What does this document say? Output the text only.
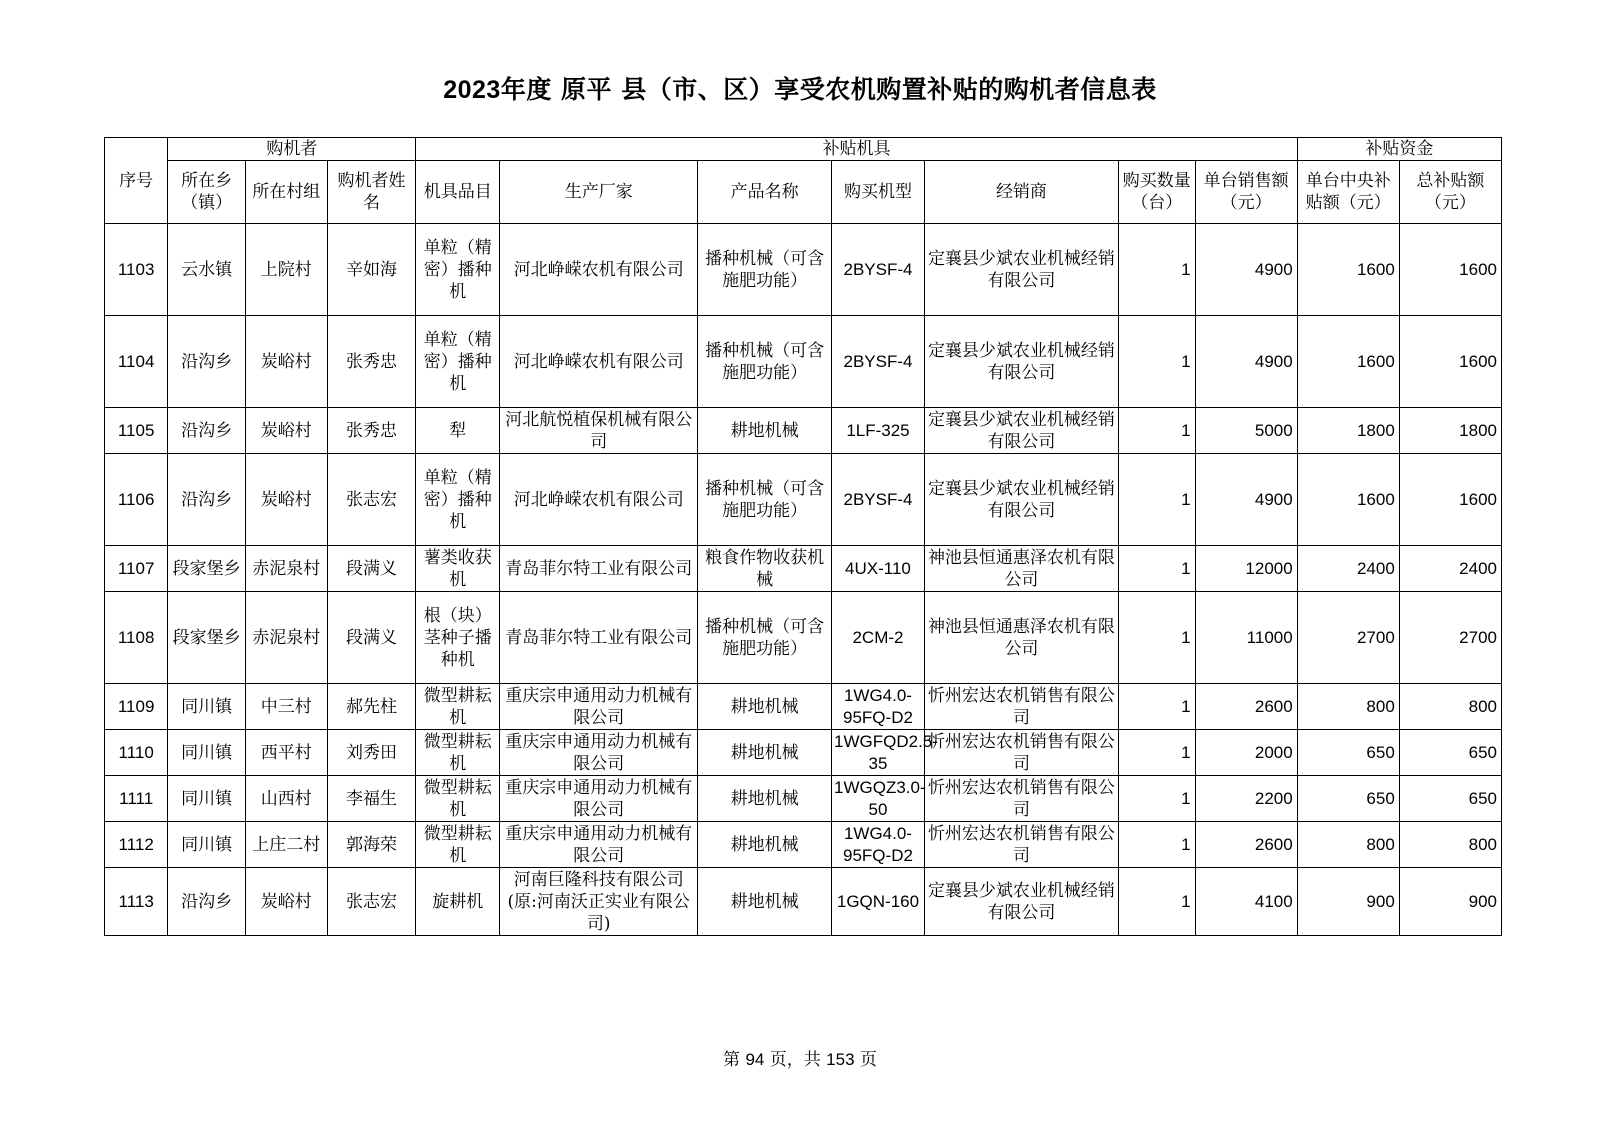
2023年度 原平 县（市、区）享受农机购置补贴的购机者信息表
序号	购机者			补贴机具							补贴资金	
	所在乡（镇）	所在村组	购机者姓名	机具品目	生产厂家	产品名称	购买机型	经销商	购买数量（台）	单台销售额（元）	单台中央补贴额（元）	总补贴额（元）
1103	云水镇	上院村	辛如海	单粒（精密）播种机	河北峥嵘农机有限公司	播种机械（可含施肥功能）	2BYSF-4	定襄县少斌农业机械经销有限公司	1	4900	1600	1600
1104	沿沟乡	炭峪村	张秀忠	单粒（精密）播种机	河北峥嵘农机有限公司	播种机械（可含施肥功能）	2BYSF-4	定襄县少斌农业机械经销有限公司	1	4900	1600	1600
1105	沿沟乡	炭峪村	张秀忠	犁	河北航悦植保机械有限公司	耕地机械	1LF-325	定襄县少斌农业机械经销有限公司	1	5000	1800	1800
1106	沿沟乡	炭峪村	张志宏	单粒（精密）播种机	河北峥嵘农机有限公司	播种机械（可含施肥功能）	2BYSF-4	定襄县少斌农业机械经销有限公司	1	4900	1600	1600
1107	段家堡乡	赤泥泉村	段满义	薯类收获机	青岛菲尔特工业有限公司	粮食作物收获机械	4UX-110	神池县恒通惠泽农机有限公司	1	12000	2400	2400
1108	段家堡乡	赤泥泉村	段满义	根（块）茎种子播种机	青岛菲尔特工业有限公司	播种机械（可含施肥功能）	2CM-2	神池县恒通惠泽农机有限公司	1	11000	2700	2700
1109	同川镇	中三村	郝先柱	微型耕耘机	重庆宗申通用动力机械有限公司	耕地机械	1WG4.0-95FQ-D2	忻州宏达农机销售有限公司	1	2600	800	800
1110	同川镇	西平村	刘秀田	微型耕耘机	重庆宗申通用动力机械有限公司	耕地机械	1WGFQD2.5-35	忻州宏达农机销售有限公司	1	2000	650	650
1111	同川镇	山西村	李福生	微型耕耘机	重庆宗申通用动力机械有限公司	耕地机械	1WGQZ3.0-50	忻州宏达农机销售有限公司	1	2200	650	650
1112	同川镇	上庄二村	郭海荣	微型耕耘机	重庆宗申通用动力机械有限公司	耕地机械	1WG4.0-95FQ-D2	忻州宏达农机销售有限公司	1	2600	800	800
1113	沿沟乡	炭峪村	张志宏	旋耕机	河南巨隆科技有限公司(原:河南沃正实业有限公司)	耕地机械	1GQN-160	定襄县少斌农业机械经销有限公司	1	4100	900	900
第 94 页，共 153 页
